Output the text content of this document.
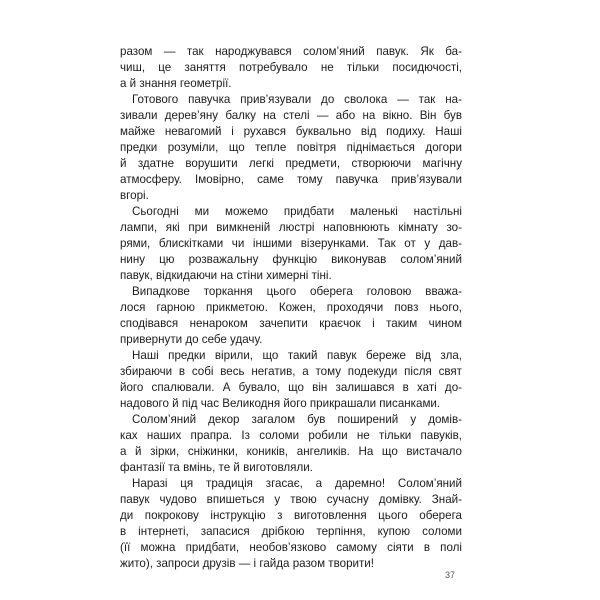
разом — так народжувався солом’яний павук. Як ба-
чиш, це заняття потребувало не тільки посидючості,
а й знання геометрії.
Готового павучка прив’язували до сволока — так на-
зивали дерев’яну балку на стелі — або на вікно. Він був
майже невагомий і рухався буквально від подиху. Наші
предки розуміли, що тепле повітря піднімається догори
й здатне ворушити легкі предмети, створюючи магічну
атмосферу. Імовірно, саме тому павучка прив’язували
вгорі.
Сьогодні ми можемо придбати маленькі настільні
лампи, які при вимкненій люстрі наповнюють кімнату зо-
рями, блискітками чи іншими візерунками. Так от у дав-
нину цю розважальну функцію виконував солом’яний
павук, відкидаючи на стіни химерні тіні.
Випадкове торкання цього оберега головою вважа-
лося гарною прикметою. Кожен, проходячи повз нього,
сподівався ненароком зачепити краєчок і таким чином
привернути до себе удачу.
Наші предки вірили, що такий павук береже від зла,
збираючи в собі весь негатив, а тому подекуди після свят
його спалювали. А бувало, що він залишався в хаті до-
надового й під час Великодня його прикрашали писанками.
Солом’яний декор загалом був поширений у домів-
ках наших прапра. Із соломи робили не тільки павуків,
а й зірки, сніжинки, коників, ангеликів. На що вистачало
фантазії та вмінь, те й виготовляли.
Наразі ця традиція згасає, а даремно! Солом’яний
павук чудово впишеться у твою сучасну домівку. Знай-
ди покрокову інструкцію з виготовлення цього оберега
в інтернеті, запасися дрібкою терпіння, купою соломи
(її можна придбати, необов’язково самому сіяти в полі
жито), запроси друзів — і гайда разом творити!
37
